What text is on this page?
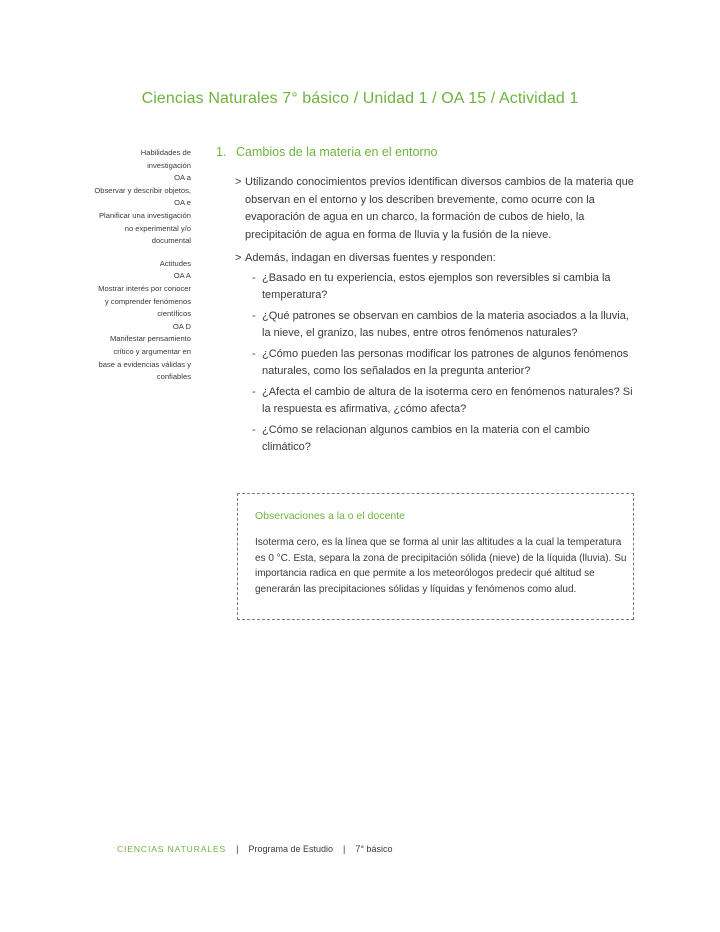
Ciencias Naturales 7° básico / Unidad 1 / OA 15 / Actividad 1
Habilidades de
investigación
OA a
Observar y describir objetos,
OA e
Planificar una investigación
no experimental y/o
documental
Actitudes
OA A
Mostrar interés por conocer
y comprender fenómenos
científicos
OA D
Manifestar pensamiento
crítico y argumentar en
base a evidencias válidas y
confiables
1. Cambios de la materia en el entorno
> Utilizando conocimientos previos identifican diversos cambios de la materia que observan en el entorno y los describen brevemente, como ocurre con la evaporación de agua en un charco, la formación de cubos de hielo, la precipitación de agua en forma de lluvia y la fusión de la nieve.
> Además, indagan en diversas fuentes y responden:
- ¿Basado en tu experiencia, estos ejemplos son reversibles si cambia la temperatura?
- ¿Qué patrones se observan en cambios de la materia asociados a la lluvia, la nieve, el granizo, las nubes, entre otros fenómenos naturales?
- ¿Cómo pueden las personas modificar los patrones de algunos fenómenos naturales, como los señalados en la pregunta anterior?
- ¿Afecta el cambio de altura de la isoterma cero en fenómenos naturales? Si la respuesta es afirmativa, ¿cómo afecta?
- ¿Cómo se relacionan algunos cambios en la materia con el cambio climático?
Observaciones a la o el docente
Isoterma cero, es la línea que se forma al unir las altitudes a la cual la temperatura es 0 °C. Esta, separa la zona de precipitación sólida (nieve) de la líquida (lluvia). Su importancia radica en que permite a los meteorólogos predecir qué altitud se generarán las precipitaciones sólidas y líquidas y fenómenos como alud.
CIENCIAS NATURALES | Programa de Estudio | 7° básico
